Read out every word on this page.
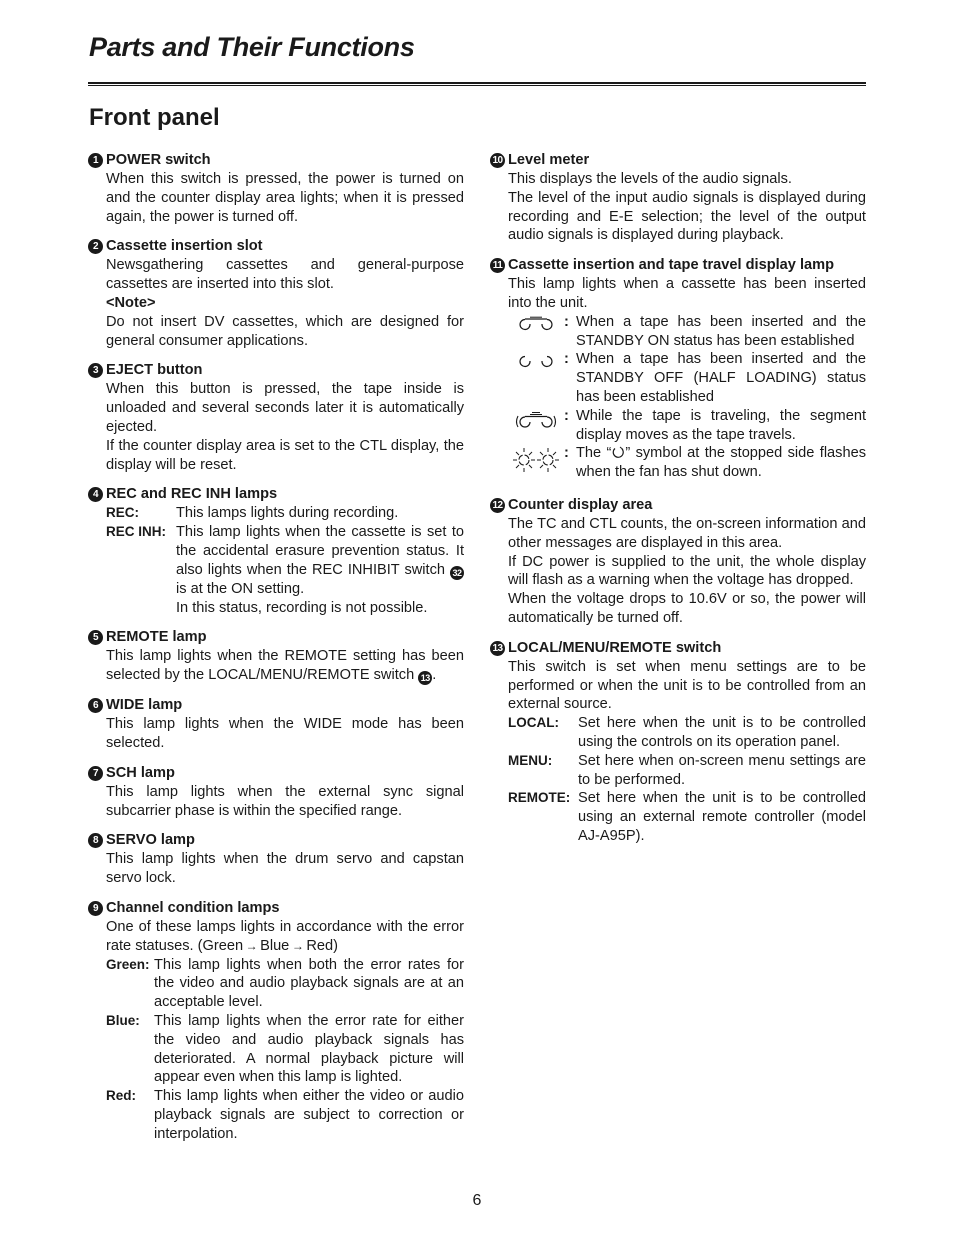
Parts and Their Functions
Front panel
1 POWER switch

When this switch is pressed, the power is turned on and the counter display area lights; when it is pressed again, the power is turned off.

2 Cassette insertion slot

Newsgathering cassettes and general-purpose cassettes are inserted into this slot.

<Note>

Do not insert DV cassettes, which are designed for general consumer applications.

3 EJECT button

When this button is pressed, the tape inside is unloaded and several seconds later it is automatically ejected.

If the counter display area is set to the CTL display, the display will be reset.

4 REC and REC INH lamps
REC:	This lamps lights during recording.
REC INH: This lamp lights when the cassette is set to the accidental erasure prevention status. It also lights when the REC INHIBIT switch 32 is at the ON setting.
In this status, recording is not possible.
5 REMOTE lamp

This lamp lights when the REMOTE setting has been selected by the LOCAL/MENU/REMOTE switch 13 .

6 WIDE lamp

This lamp lights when the WIDE mode has been selected.

7 SCH lamp

This lamp lights when the external sync signal subcarrier phase is within the specified range.

8 SERVO lamp

This lamp lights when the drum servo and capstan servo lock.

9 Channel condition lamps

One of these lamps lights in accordance with the error rate statuses. (Green → Blue → Red)

Green: This lamp lights when both the error rates for the video and audio playback signals are at an acceptable level.
Blue: This lamp lights when the error rate for either the video and audio playback signals has deteriorated. A normal playback picture will appear even when this lamp is lighted.
Red:	This lamp lights when either the video or audio playback signals are subject to correction or interpolation.
10 Level meter

This displays the levels of the audio signals.

The level of the input audio signals is displayed during recording and E-E selection; the level of the output audio signals is displayed during playback.

11 Cassette insertion and tape travel display lamp

This lamp lights when a cassette has been inserted into the unit.

: When a tape has been inserted and the STANDBY ON status has been established
: When a tape has been inserted and the STANDBY OFF (HALF LOADING) status has been established
: While the tape is traveling, the segment display moves as the tape travels.
: The “ ” symbol at the stopped side flashes when the fan has shut down.
12 Counter display area

The TC and CTL counts, the on-screen information and other messages are displayed in this area.

If DC power is supplied to the unit, the whole display will flash as a warning when the voltage has dropped.

When the voltage drops to 10.6V or so, the power will automatically be turned off.

13 LOCAL/MENU/REMOTE switch

This switch is set when menu settings are to be performed or when the unit is to be controlled from an external source.

LOCAL:	Set here when the unit is to be controlled using the controls on its operation panel.
MENU:	Set here when on-screen menu settings are to be performed.
REMOTE: Set here when the unit is to be controlled using an external remote controller (model AJ-A95P).
6
